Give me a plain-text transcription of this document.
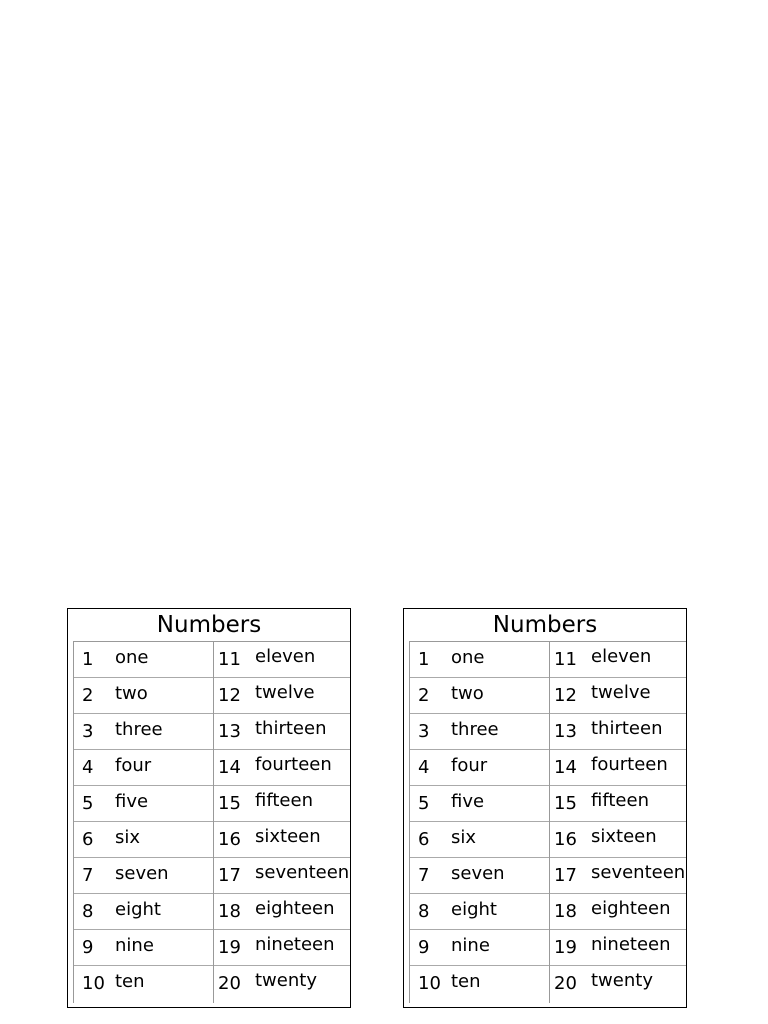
Numbers
1 one
2 two
3 three
4 four
5 five
6 six
7 seven
8 eight
9 nine
10 ten
11 eleven
12 twelve
13 thirteen
14 fourteen
15 fifteen
16 sixteen
17 seventeen
18 eighteen
19 nineteen
20 twenty
Numbers
1 one
2 two
3 three
4 four
5 five
6 six
7 seven
8 eight
9 nine
10 ten
11 eleven
12 twelve
13 thirteen
14 fourteen
15 fifteen
16 sixteen
17 seventeen
18 eighteen
19 nineteen
20 twenty
